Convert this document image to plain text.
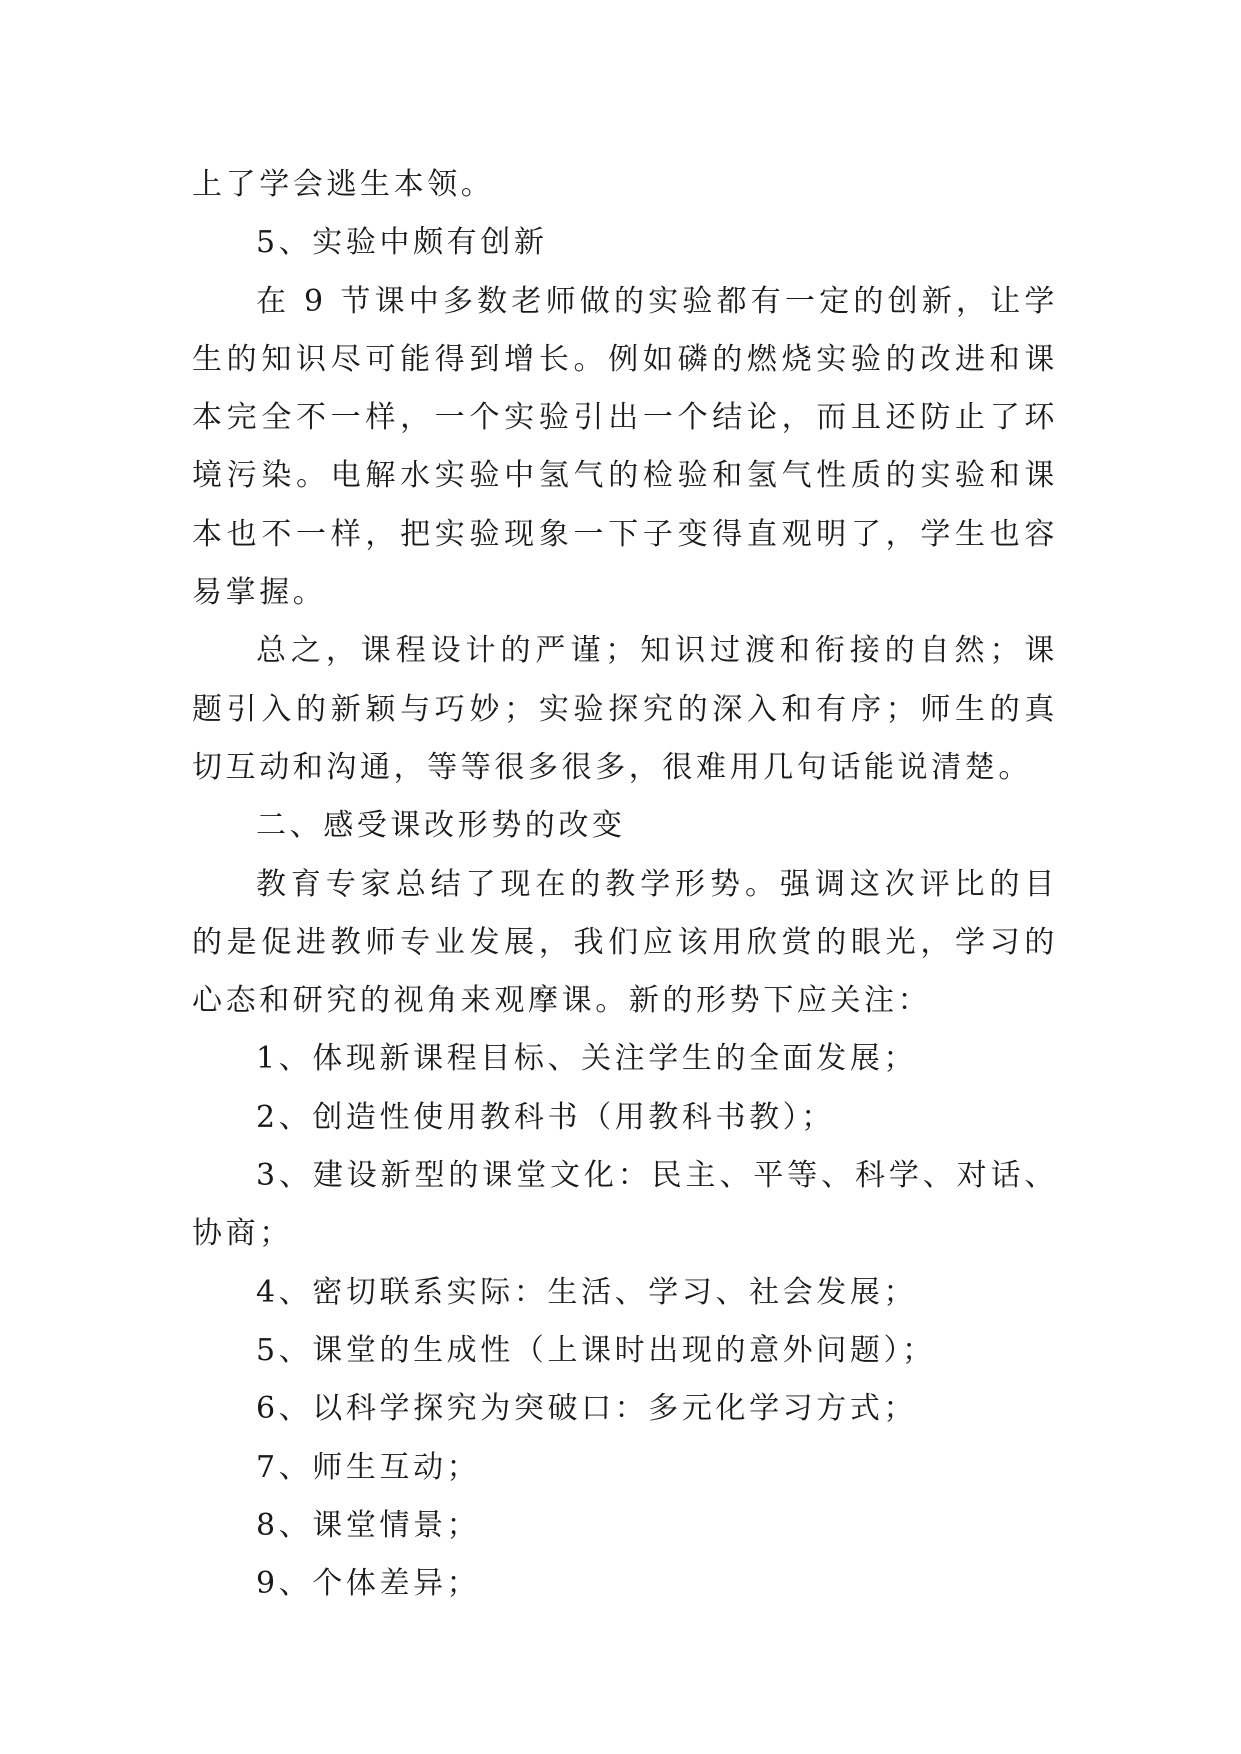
上了学会逃生本领。

5、实验中颇有创新

在 9 节课中多数老师做的实验都有一定的创新，让学生的知识尽可能得到增长。例如磷的燃烧实验的改进和课本完全不一样，一个实验引出一个结论，而且还防止了环境污染。电解水实验中氢气的检验和氢气性质的实验和课本也不一样，把实验现象一下子变得直观明了，学生也容易掌握。

总之，课程设计的严谨；知识过渡和衔接的自然；课题引入的新颖与巧妙；实验探究的深入和有序；师生的真切互动和沟通，等等很多很多，很难用几句话能说清楚。

二、感受课改形势的改变

教育专家总结了现在的教学形势。强调这次评比的目的是促进教师专业发展，我们应该用欣赏的眼光，学习的心态和研究的视角来观摩课。新的形势下应关注：

1、体现新课程目标、关注学生的全面发展；

2、创造性使用教科书（用教科书教）；

3、建设新型的课堂文化：民主、平等、科学、对话、协商；

4、密切联系实际：生活、学习、社会发展；

5、课堂的生成性（上课时出现的意外问题）；

6、以科学探究为突破口：多元化学习方式；

7、师生互动；

8、课堂情景；

9、个体差异；
